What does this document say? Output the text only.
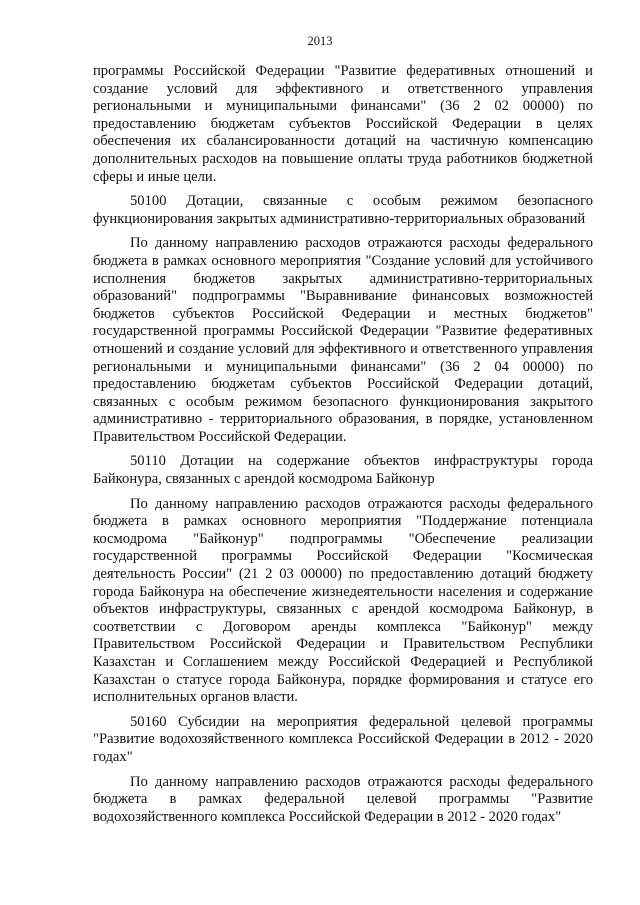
2013

программы Российской Федерации "Развитие федеративных отношений и создание условий для эффективного и ответственного управления региональными и муниципальными финансами" (36 2 02 00000) по предоставлению бюджетам субъектов Российской Федерации в целях обеспечения их сбалансированности дотаций на частичную компенсацию дополнительных расходов на повышение оплаты труда работников бюджетной сферы и иные цели.

50100 Дотации, связанные с особым режимом безопасного функционирования закрытых административно-территориальных образований

По данному направлению расходов отражаются расходы федерального бюджета в рамках основного мероприятия "Создание условий для устойчивого исполнения бюджетов закрытых административно-территориальных образований" подпрограммы "Выравнивание финансовых возможностей бюджетов субъектов Российской Федерации и местных бюджетов" государственной программы Российской Федерации "Развитие федеративных отношений и создание условий для эффективного и ответственного управления региональными и муниципальными финансами" (36 2 04 00000) по предоставлению бюджетам субъектов Российской Федерации дотаций, связанных с особым режимом безопасного функционирования закрытого административно - территориального образования, в порядке, установленном Правительством Российской Федерации.

50110 Дотации на содержание объектов инфраструктуры города Байконура, связанных с арендой космодрома Байконур

По данному направлению расходов отражаются расходы федерального бюджета в рамках основного мероприятия "Поддержание потенциала космодрома "Байконур" подпрограммы "Обеспечение реализации государственной программы Российской Федерации "Космическая деятельность России" (21 2 03 00000) по предоставлению дотаций бюджету города Байконура на обеспечение жизнедеятельности населения и содержание объектов инфраструктуры, связанных с арендой космодрома Байконур, в соответствии с Договором аренды комплекса "Байконур" между Правительством Российской Федерации и Правительством Республики Казахстан и Соглашением между Российской Федерацией и Республикой Казахстан о статусе города Байконура, порядке формирования и статусе его исполнительных органов власти.

50160 Субсидии на мероприятия федеральной целевой программы "Развитие водохозяйственного комплекса Российской Федерации в 2012 - 2020 годах"

По данному направлению расходов отражаются расходы федерального бюджета в рамках федеральной целевой программы "Развитие водохозяйственного комплекса Российской Федерации в 2012 - 2020 годах"
